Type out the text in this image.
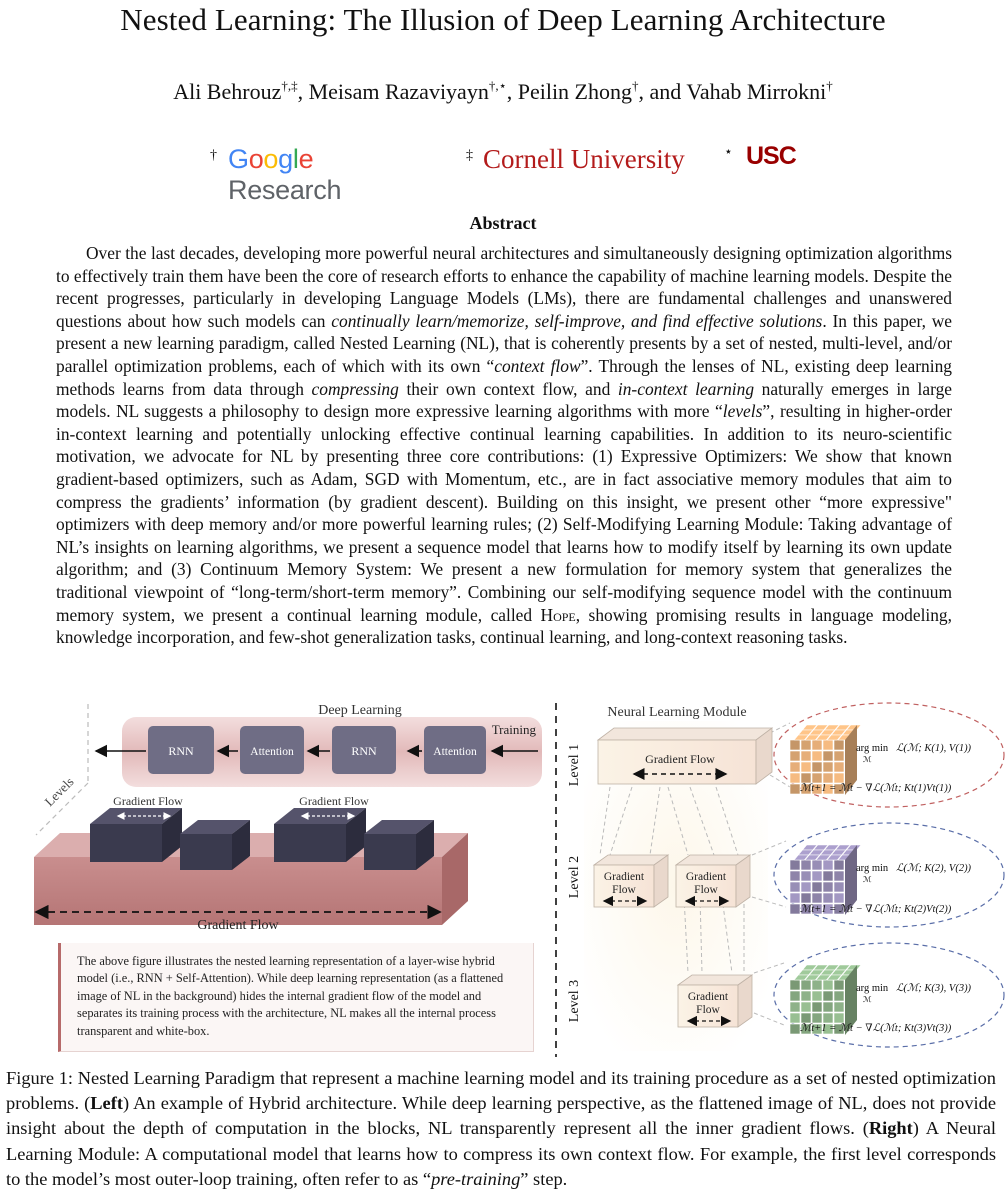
Nested Learning: The Illusion of Deep Learning Architecture
Ali Behrouz†,‡, Meisam Razaviyayn†,⋆, Peilin Zhong†, and Vahab Mirrokni†
† Google Research
‡ Cornell University	⋆ USC
Abstract
Over the last decades, developing more powerful neural architectures and simultaneously designing optimization algorithms to effectively train them have been the core of research efforts to enhance the capability of machine learning models. Despite the recent progresses, particularly in developing Language Models (LMs), there are fundamental challenges and unanswered questions about how such models can continually learn/memorize, self-improve, and find effective solutions. In this paper, we present a new learning paradigm, called Nested Learning (NL), that is coherently presents by a set of nested, multi-level, and/or parallel optimization problems, each of which with its own “context flow”. Through the lenses of NL, existing deep learning methods learns from data through compressing their own context flow, and in-context learning naturally emerges in large models. NL suggests a philosophy to design more expressive learning algorithms with more “levels”, resulting in higher-order in-context learning and potentially unlocking effective continual learning capabilities. In addition to its neuro-scientific motivation, we advocate for NL by presenting three core contributions: (1) Expressive Optimizers: We show that known gradient-based optimizers, such as Adam, SGD with Momentum, etc., are in fact associative memory modules that aim to compress the gradients’ information (by gradient descent). Building on this insight, we present other “more expressive" optimizers with deep memory and/or more powerful learning rules; (2) Self-Modifying Learning Module: Taking advantage of NL’s insights on learning algorithms, we present a sequence model that learns how to modify itself by learning its own update algorithm; and (3) Continuum Memory System: We present a new formulation for memory system that generalizes the traditional viewpoint of “long-term/short-term memory”. Combining our self-modifying sequence model with the continuum memory system, we present a continual learning module, called Hope, showing promising results in language modeling, knowledge incorporation, and few-shot generalization tasks, continual learning, and long-context reasoning tasks.
Levels
Deep Learning
Training
RNN	Attention	RNN	Attention
Gradient Flow	Gradient Flow
Gradient Flow
Neural Learning Module
Level 1
Level 2
Level 3
Gradient Flow
Gradient
Flow
Gradient
Flow
Gradient
Flow
arg min
ℳ
ℒ(ℳ; K(1), V(1))
ℳt+1 = ℳt − ∇ℒ(ℳt; Kt(1)Vt(1))
arg min
ℳ
ℒ(ℳ; K(2), V(2))
ℳt+1 = ℳt − ∇ℒ(ℳt; Kt(2)Vt(2))
arg min
ℳ
ℒ(ℳ; K(3), V(3))
ℳt+1 = ℳt − ∇ℒ(ℳt; Kt(3)Vt(3))
The above figure illustrates the nested learning representation of a layer-wise hybrid model (i.e., RNN + Self-Attention). While deep learning representation (as a flattened image of NL in the background) hides the internal gradient flow of the model and separates its training process with the architecture, NL makes all the internal process transparent and white-box.
Figure 1: Nested Learning Paradigm that represent a machine learning model and its training procedure as a set of nested optimization problems. (Left) An example of Hybrid architecture. While deep learning perspective, as the flattened image of NL, does not provide insight about the depth of computation in the blocks, NL transparently represent all the inner gradient flows. (Right) A Neural Learning Module: A computational model that learns how to compress its own context flow. For example, the first level corresponds to the model’s most outer-loop training, often refer to as “pre-training” step.
